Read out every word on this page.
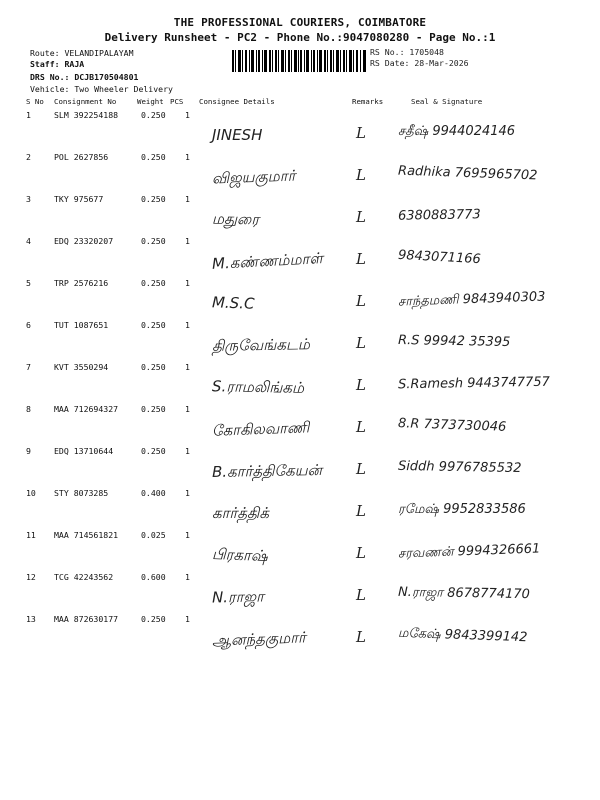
THE PROFESSIONAL COURIERS, COIMBATORE
Delivery Runsheet - PC2 - Phone No.:9047080280 - Page No.:1
Route: VELANDIPALAYAM
Staff: RAJA
DRS No.: DCJB170504801
Vehicle: Two Wheeler Delivery
RS No.: 1705048
RS Date: 28-Mar-2026
S No Consignment No	Weight PCS Consignee Details	Remarks	Seal & Signature
1	SLM 392254188	0.250 1
JINESH	L சதீஷ் 9944024146
2	POL 2627856	0.250 1
விஜயகுமார்	L Radhika 7695965702
3	TKY 975677	0.250 1
மதுரை	L 6380883773
4	EDQ 23320207	0.250 1
M.கண்ணம்மாள் L 9843071166
5	TRP 2576216	0.250 1
M.S.C	L சாந்தமணி 9843940303
6	TUT 1087651	0.250 1
திருவேங்கடம்	L R.S 99942 35395
7	KVT 3550294	0.250 1
S.ராமலிங்கம்	L S.Ramesh 9443747757
8	MAA 712694327	0.250 1
கோகிலவாணி	L 8.R 7373730046
9	EDQ 13710644	0.250 1
B.கார்த்திகேயன் L Siddh 9976785532
10 STY 8073285	0.400 1
கார்த்திக்	L ரமேஷ் 9952833586
11 MAA 714561821	0.025 1
பிரகாஷ்	L சரவணன் 9994326661
12 TCG 42243562	0.600 1
N.ராஜா	L N.ராஜா 8678774170
13 MAA 872630177	0.250 1
ஆனந்தகுமார்	L மகேஷ் 9843399142
